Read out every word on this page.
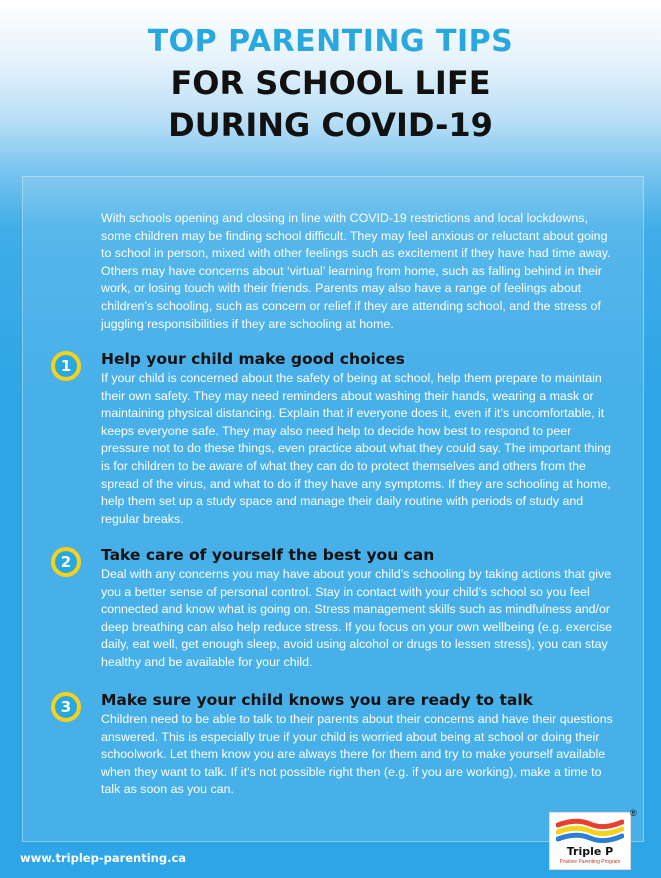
TOP PARENTING TIPS
FOR SCHOOL LIFE
DURING COVID-19

With schools opening and closing in line with COVID-19 restrictions and local lockdowns, some children may be finding school difficult. They may feel anxious or reluctant about going to school in person, mixed with other feelings such as excitement if they have had time away. Others may have concerns about ‘virtual’ learning from home, such as falling behind in their work, or losing touch with their friends. Parents may also have a range of feelings about children’s schooling, such as concern or relief if they are attending school, and the stress of juggling responsibilities if they are schooling at home.

1	Help your child make good choices

If your child is concerned about the safety of being at school, help them prepare to maintain their own safety. They may need reminders about washing their hands, wearing a mask or maintaining physical distancing. Explain that if everyone does it, even if it’s uncomfortable, it keeps everyone safe. They may also need help to decide how best to respond to peer pressure not to do these things, even practice about what they could say. The important thing is for children to be aware of what they can do to protect themselves and others from the spread of the virus, and what to do if they have any symptoms. If they are schooling at home, help them set up a study space and manage their daily routine with periods of study and regular breaks.

2	Take care of yourself the best you can

Deal with any concerns you may have about your child’s schooling by taking actions that give you a better sense of personal control. Stay in contact with your child’s school so you feel connected and know what is going on. Stress management skills such as mindfulness and/or deep breathing can also help reduce stress. If you focus on your own wellbeing (e.g. exercise daily, eat well, get enough sleep, avoid using alcohol or drugs to lessen stress), you can stay healthy and be available for your child.

3	Make sure your child knows you are ready to talk

Children need to be able to talk to their parents about their concerns and have their questions answered. This is especially true if your child is worried about being at school or doing their schoolwork. Let them know you are always there for them and try to make yourself available when they want to talk. If it’s not possible right then (e.g. if you are working), make a time to talk as soon as you can.

www.triplep-parenting.ca	Triple P
Positive Parenting Program
®
